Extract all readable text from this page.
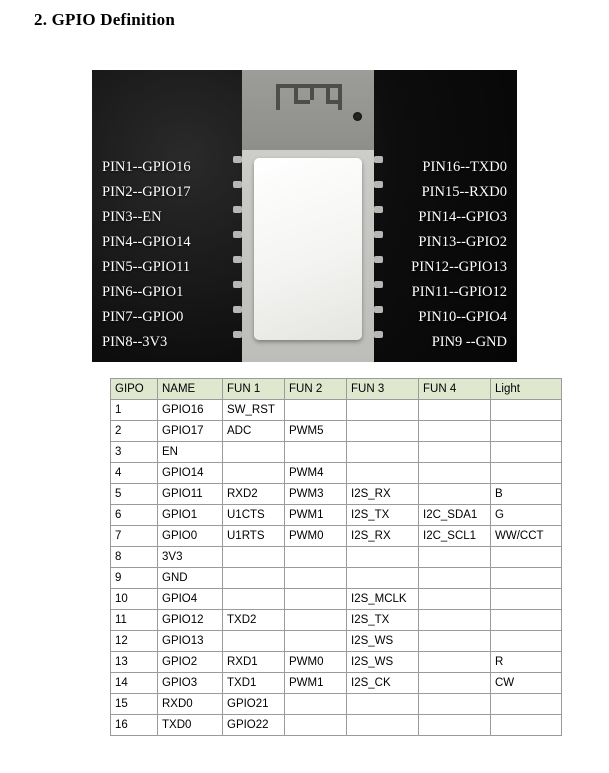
2. GPIO Definition
PIN1--GPIO16
PIN2--GPIO17
PIN3--EN
PIN4--GPIO14
PIN5--GPIO11
PIN6--GPIO1
PIN7--GPIO0
PIN8--3V3
PIN16--TXD0
PIN15--RXD0
PIN14--GPIO3
PIN13--GPIO2
PIN12--GPIO13
PIN11--GPIO12
PIN10--GPIO4
PIN9 --GND
GIPO	NAME	FUN 1	FUN 2	FUN 3	FUN 4	Light
1	GPIO16	SW_RST				
2	GPIO17	ADC	PWM5			
3	EN					
4	GPIO14		PWM4			
5	GPIO11	RXD2	PWM3	I2S_RX		B
6	GPIO1	U1CTS	PWM1	I2S_TX	I2C_SDA1	G
7	GPIO0	U1RTS	PWM0	I2S_RX	I2C_SCL1	WW/CCT
8	3V3					
9	GND					
10	GPIO4			I2S_MCLK		
11	GPIO12	TXD2		I2S_TX		
12	GPIO13			I2S_WS		
13	GPIO2	RXD1	PWM0	I2S_WS		R
14	GPIO3	TXD1	PWM1	I2S_CK		CW
15	RXD0	GPIO21				
16	TXD0	GPIO22				
